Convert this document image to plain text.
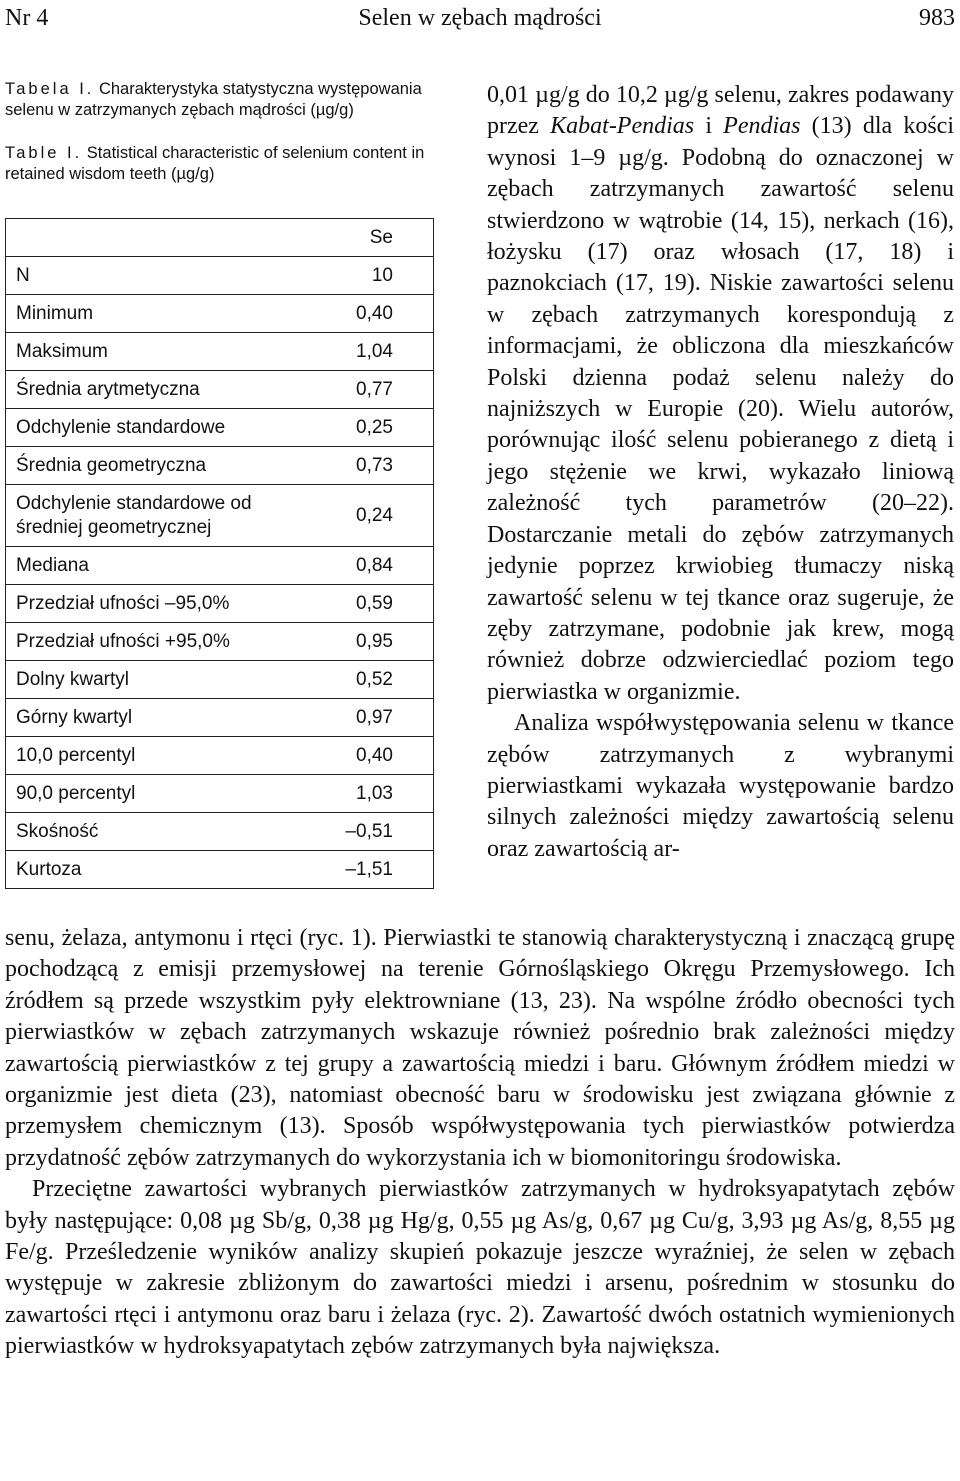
Nr 4	Selen w zębach mądrości	983
Tabela I. Charakterystyka statystyczna występowania selenu w zatrzymanych zębach mądrości (µg/g)
Table I. Statistical characteristic of selenium content in retained wisdom teeth (µg/g)
	Se
N	10
Minimum	0,40
Maksimum	1,04
Średnia arytmetyczna	0,77
Odchylenie standardowe	0,25
Średnia geometryczna	0,73
Odchylenie standardowe od średniej geometrycznej	0,24
Mediana	0,84
Przedział ufności –95,0%	0,59
Przedział ufności +95,0%	0,95
Dolny kwartyl	0,52
Górny kwartyl	0,97
10,0 percentyl	0,40
90,0 percentyl	1,03
Skośność	–0,51
Kurtoza	–1,51

0,01 µg/g do 10,2 µg/g selenu, zakres podawany przez Kabat-Pendias i Pendias (13) dla kości wynosi 1–9 µg/g. Podobną do oznaczonej w zębach zatrzymanych zawartość selenu stwierdzono w wątrobie (14, 15), nerkach (16), łożysku (17) oraz włosach (17, 18) i paznokciach (17, 19). Niskie zawartości selenu w zębach zatrzymanych korespondują z informacjami, że obliczona dla mieszkańców Polski dzienna podaż selenu należy do najniższych w Europie (20). Wielu autorów, porównując ilość selenu pobieranego z dietą i jego stężenie we krwi, wykazało liniową zależność tych parametrów (20–22). Dostarczanie metali do zębów zatrzymanych jedynie poprzez krwiobieg tłumaczy niską zawartość selenu w tej tkance oraz sugeruje, że zęby zatrzymane, podobnie jak krew, mogą również dobrze odzwierciedlać poziom tego pierwiastka w organizmie.

Analiza współwystępowania selenu w tkance zębów zatrzymanych z wybranymi pierwiastkami wykazała występowanie bardzo silnych zależności między zawartością selenu oraz zawartością ar-

senu, żelaza, antymonu i rtęci (ryc. 1). Pierwiastki te stanowią charakterystyczną i znaczącą grupę pochodzącą z emisji przemysłowej na terenie Górnośląskiego Okręgu Przemysłowego. Ich źródłem są przede wszystkim pyły elektrowniane (13, 23). Na wspólne źródło obecności tych pierwiastków w zębach zatrzymanych wskazuje również pośrednio brak zależności między zawartością pierwiastków z tej grupy a zawartością miedzi i baru. Głównym źródłem miedzi w organizmie jest dieta (23), natomiast obecność baru w środowisku jest związana głównie z przemysłem chemicznym (13). Sposób współwystępowania tych pierwiastków potwierdza przydatność zębów zatrzymanych do wykorzystania ich w biomonitoringu środowiska.

Przeciętne zawartości wybranych pierwiastków zatrzymanych w hydroksyapatytach zębów były następujące: 0,08 µg Sb/g, 0,38 µg Hg/g, 0,55 µg As/g, 0,67 µg Cu/g, 3,93 µg As/g, 8,55 µg Fe/g. Prześledzenie wyników analizy skupień pokazuje jeszcze wyraźniej, że selen w zębach występuje w zakresie zbliżonym do zawartości miedzi i arsenu, pośrednim w stosunku do zawartości rtęci i antymonu oraz baru i żelaza (ryc. 2). Zawartość dwóch ostatnich wymienionych pierwiastków w hydroksyapatytach zębów zatrzymanych była największa.
